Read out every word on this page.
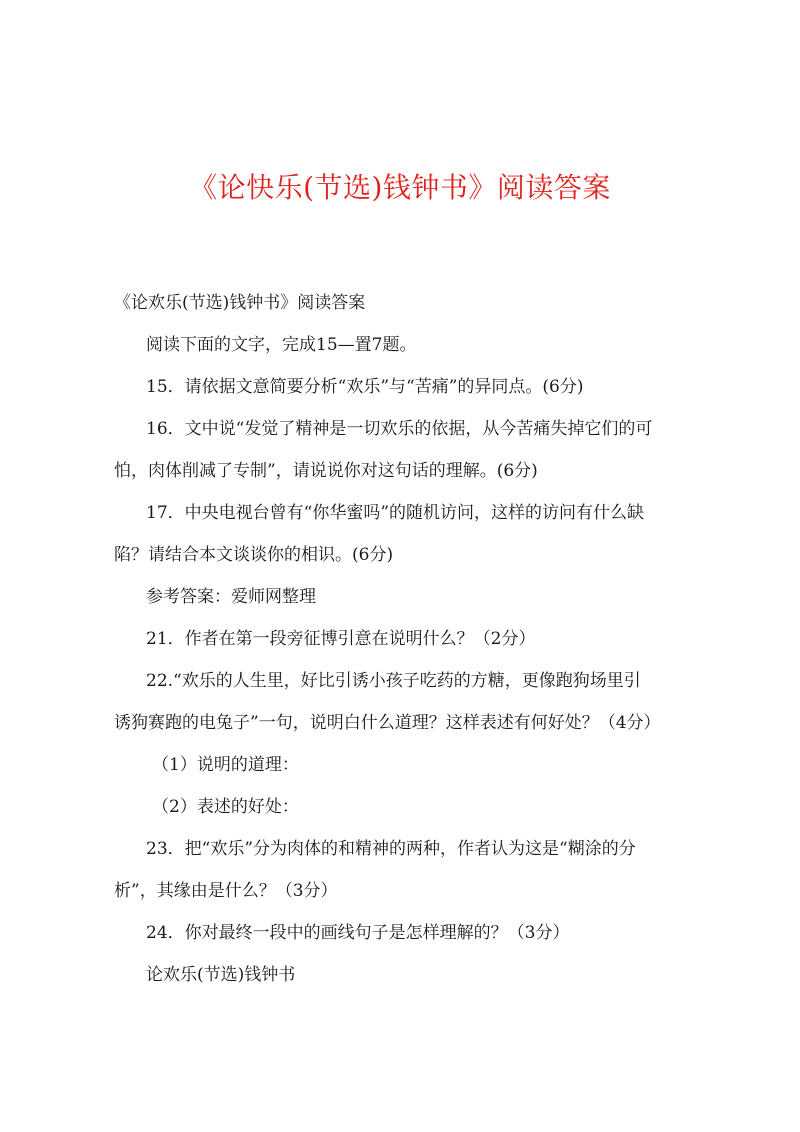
《论快乐(节选)钱钟书》阅读答案
《论欢乐(节选)钱钟书》阅读答案
阅读下面的文字，完成15—置7题。
15．请依据文意简要分析“欢乐”与“苦痛”的异同点。(6分)
16．文中说“发觉了精神是一切欢乐的依据，从今苦痛失掉它们的可
怕，肉体削减了专制”，请说说你对这句话的理解。(6分)
17．中央电视台曾有“你华蜜吗”的随机访问，这样的访问有什么缺
陷？请结合本文谈谈你的相识。(6分)
参考答案：爱师网整理
21．作者在第一段旁征博引意在说明什么？（2分）
22.“欢乐的人生里，好比引诱小孩子吃药的方糖，更像跑狗场里引
诱狗赛跑的电兔子”一句，说明白什么道理？这样表述有何好处？（4分）
（1）说明的道理：
（2）表述的好处：
23．把“欢乐”分为肉体的和精神的两种，作者认为这是“糊涂的分
析”，其缘由是什么？（3分）
24．你对最终一段中的画线句子是怎样理解的？（3分）
论欢乐(节选)钱钟书
